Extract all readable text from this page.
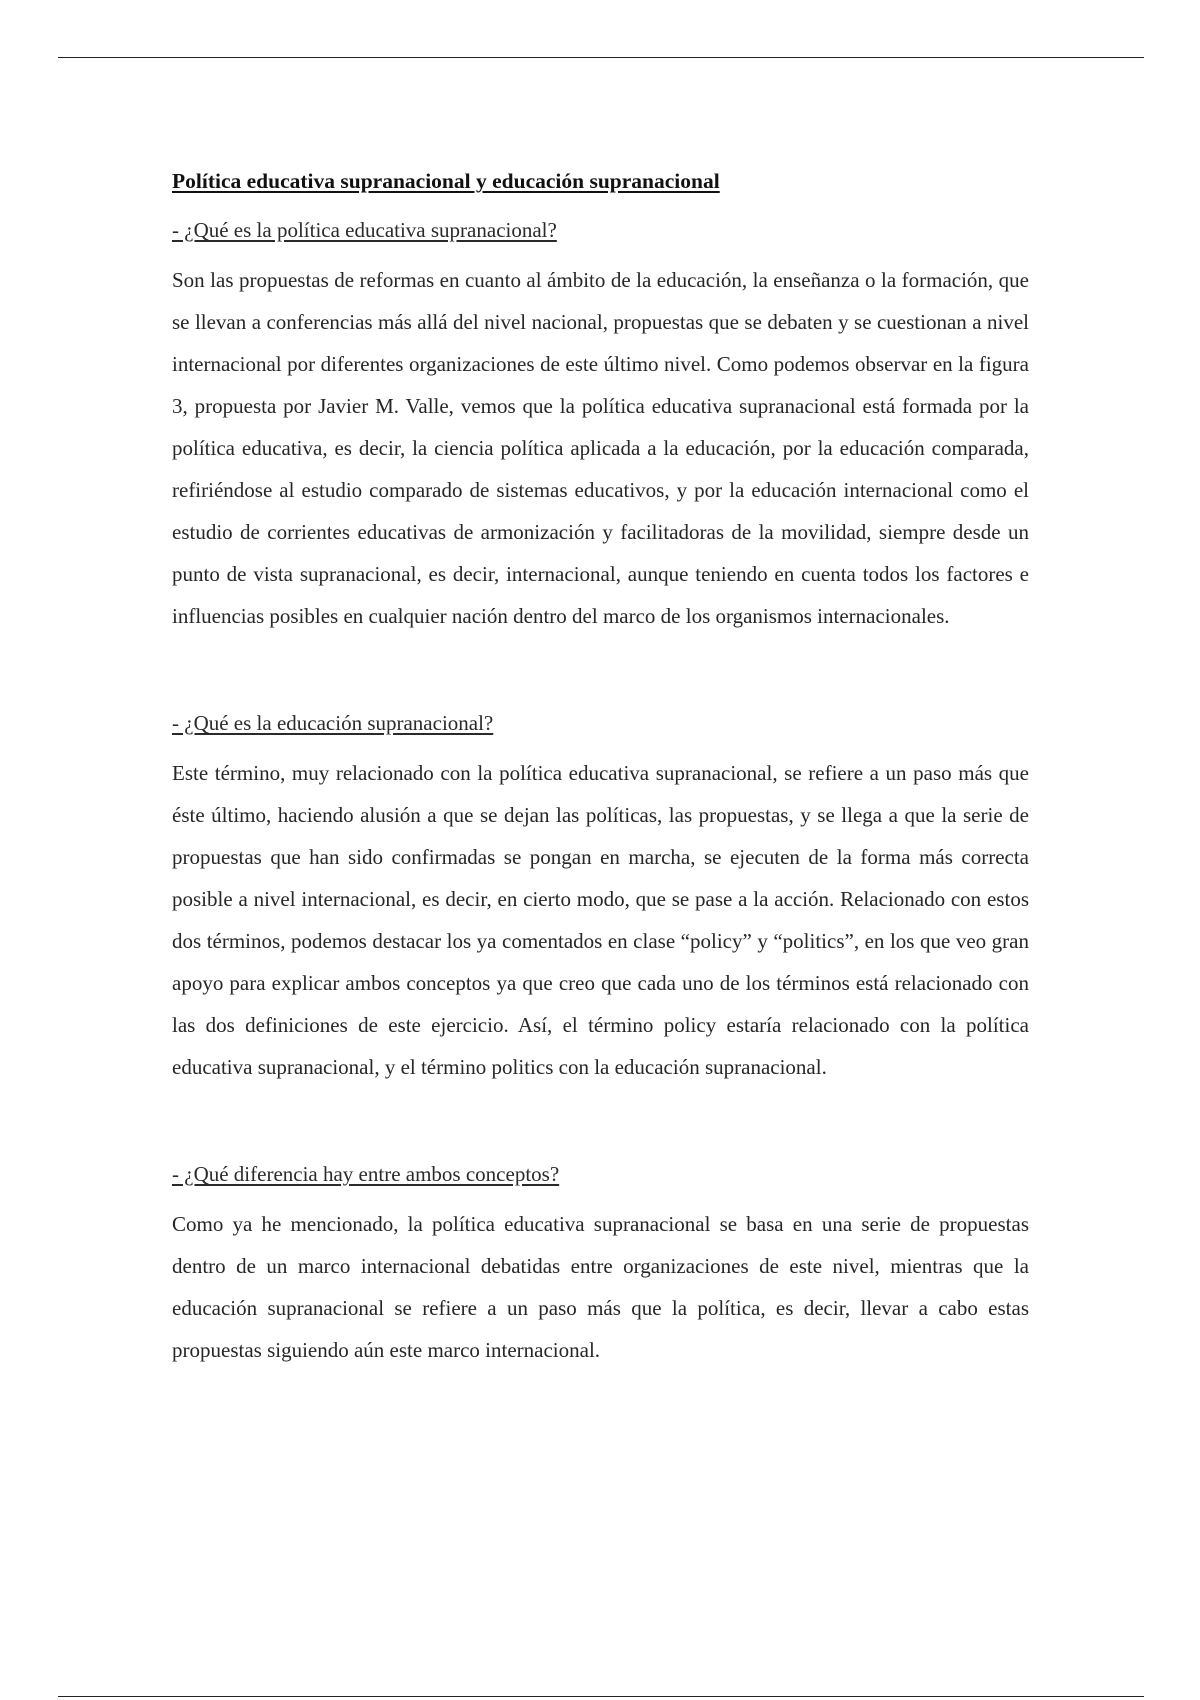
Política educativa supranacional y educación supranacional
- ¿Qué es la política educativa supranacional?

Son las propuestas de reformas en cuanto al ámbito de la educación, la enseñanza o la formación, que se llevan a conferencias más allá del nivel nacional, propuestas que se debaten y se cuestionan a nivel internacional por diferentes organizaciones de este último nivel. Como podemos observar en la figura 3, propuesta por Javier M. Valle, vemos que la política educativa supranacional está formada por la política educativa, es decir, la ciencia política aplicada a la educación, por la educación comparada, refiriéndose al estudio comparado de sistemas educativos, y por la educación internacional como el estudio de corrientes educativas de armonización y facilitadoras de la movilidad, siempre desde un punto de vista supranacional, es decir, internacional, aunque teniendo en cuenta todos los factores e influencias posibles en cualquier nación dentro del marco de los organismos internacionales.

- ¿Qué es la educación supranacional?

Este término, muy relacionado con la política educativa supranacional, se refiere a un paso más que éste último, haciendo alusión a que se dejan las políticas, las propuestas, y se llega a que la serie de propuestas que han sido confirmadas se pongan en marcha, se ejecuten de la forma más correcta posible a nivel internacional, es decir, en cierto modo, que se pase a la acción. Relacionado con estos dos términos, podemos destacar los ya comentados en clase “policy” y “politics”, en los que veo gran apoyo para explicar ambos conceptos ya que creo que cada uno de los términos está relacionado con las dos definiciones de este ejercicio. Así, el término policy estaría relacionado con la política educativa supranacional, y el término politics con la educación supranacional.

- ¿Qué diferencia hay entre ambos conceptos?

Como ya he mencionado, la política educativa supranacional se basa en una serie de propuestas dentro de un marco internacional debatidas entre organizaciones de este nivel, mientras que la educación supranacional se refiere a un paso más que la política, es decir, llevar a cabo estas propuestas siguiendo aún este marco internacional.
